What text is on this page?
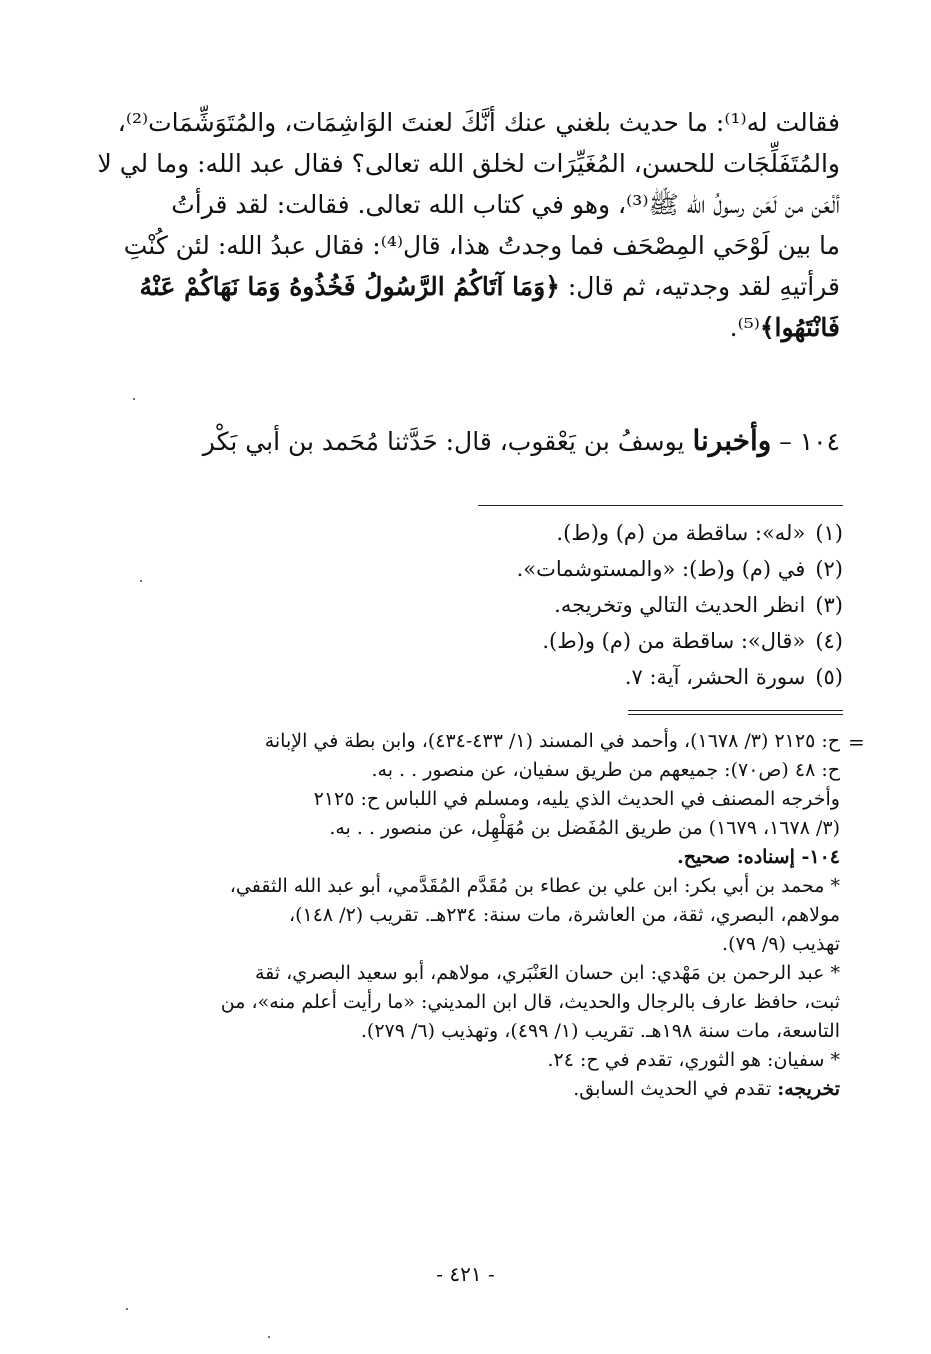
فقالت له⁽¹⁾: ما حديث بلغني عنك أنَّكَ لعنتَ الوَاشِمَات، والمُتَوَشِّمَات⁽²⁾،
والمُتَفَلِّجَات للحسن، المُغَيِّرَات لخلق الله تعالى؟ فقال عبد الله: وما لي لا
ألْعَن من لَعَن رسولُ الله ﷺ⁽³⁾، وهو في كتاب الله تعالى. فقالت: لقد قرأتُ
ما بين لَوْحَي المِصْحَف فما وجدتُ هذا، قال⁽⁴⁾: فقال عبدُ الله: لئن كُنْتِ
قرأتيهِ لقد وجدتيه، ثم قال: ﴿وَمَا آتَاكُمُ الرَّسُولُ فَخُذُوهُ وَمَا نَهَاكُمْ عَنْهُ
فَانْتَهُوا﴾⁽⁵⁾.
١٠٤ – وأخبرنا يوسفُ بن يَعْقوب، قال: حَدَّثنا مُحَمد بن أبي بَكْر
(١)«له»: ساقطة من (م) و(ط).
(٢)في (م) و(ط): «والمستوشمات».
(٣)انظر الحديث التالي وتخريجه.
(٤)«قال»: ساقطة من (م) و(ط).
(٥)سورة الحشر، آية: ٧.
=
ح: ٢١٢٥ (٣/ ١٦٧٨)، وأحمد في المسند (١/ ٤٣٣-٤٣٤)، وابن بطة في الإبانة
ح: ٤٨ (ص٧٠): جميعهم من طريق سفيان، عن منصور . . به.
وأخرجه المصنف في الحديث الذي يليه، ومسلم في اللباس ح: ٢١٢٥
(٣/ ١٦٧٨، ١٦٧٩) من طريق المُفَضل بن مُهَلْهِل، عن منصور . . به.
١٠٤- إسناده: صحيح.
* محمد بن أبي بكر: ابن علي بن عطاء بن مُقَدَّم المُقَدَّمي، أبو عبد الله الثقفي،
مولاهم، البصري، ثقة، من العاشرة، مات سنة: ٢٣٤هـ. تقريب (٢/ ١٤٨)،
تهذيب (٩/ ٧٩).
* عبد الرحمن بن مَهْدي: ابن حسان العَنْبَري، مولاهم، أبو سعيد البصري، ثقة
ثبت، حافظ عارف بالرجال والحديث، قال ابن المديني: «ما رأيت أعلم منه»، من
التاسعة، مات سنة ١٩٨هـ. تقريب (١/ ٤٩٩)، وتهذيب (٦/ ٢٧٩).
* سفيان: هو الثوري، تقدم في ح: ٢٤.
تخريجه: تقدم في الحديث السابق.
- ٤٢١ -
